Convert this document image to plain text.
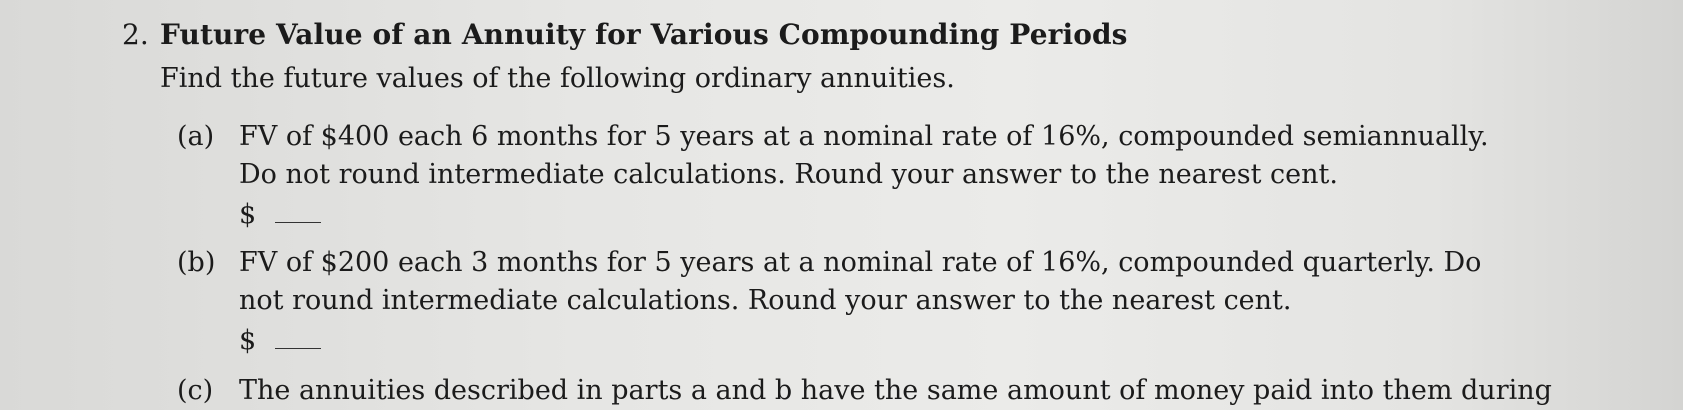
2. Future Value of an Annuity for Various Compounding Periods
Find the future values of the following ordinary annuities.
(a) FV of $400 each 6 months for 5 years at a nominal rate of 16%, compounded semiannually. Do not round intermediate calculations. Round your answer to the nearest cent.
$
(b) FV of $200 each 3 months for 5 years at a nominal rate of 16%, compounded quarterly. Do not round intermediate calculations. Round your answer to the nearest cent.
$
(c) The annuities described in parts a and b have the same amount of money paid into them during
